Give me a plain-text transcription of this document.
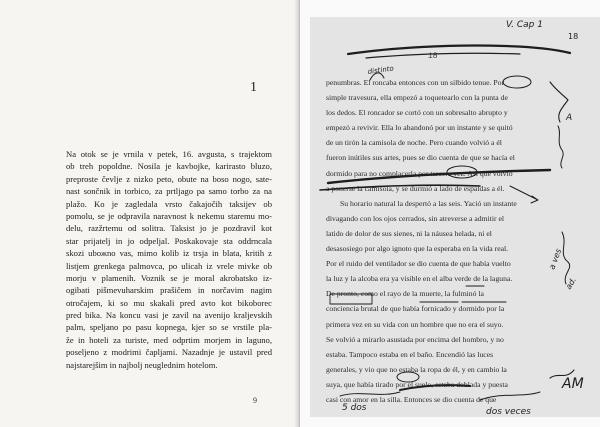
1
Na otok se je vrnila v petek, 16. avgusta, s trajektom
ob treh popoldne. Nosila je kavbojke, karirasto bluzo,
preproste čevlje z nizko peto, obute na boso nogo, sate-
nast sončnik in torbico, za prtljago pa samo torbo za na
plažo. Ko je zagledala vrsto čakajočih taksijev ob
pomolu, se je odpravila naravnost k nekemu staremu mo-
delu, razžrtemu od solitra. Taksist jo je pozdravil kot
star prijatelj in jo odpeljal. Poskakovaje sta oddrncala
skozi uboжno vas, mimo kolib iz trsja in blata, kritih z
listjem grenkega palmovca, po ulicah iz vrele mivke ob
morju v plamenih. Voznik se je moral akrobatsko iz-
ogibati pišmevuharskim prašičem in norčavim nagim
otročajem, ki so mu skakali pred avto kot bikoborec
pred bika. Na koncu vasi je zavil na avenijo kraljevskih
palm, speljano po pasu kopnega, kjer so se vrstile pla-
že in hoteli za turiste, med odprtim morjem in laguno,
poseljeno z modrimi čapljami. Nazadnje je ustavil pred
najstarejšim in najbolj neuglednim hotelom.
9
V. Cap 1
18
18
penumbras. El roncaba entonces con un silbido tenue. Por
simple travesura, ella empezó a toquetearlo con la punta de
los dedos. El roncador se cortó con un sobresalto abrupto y
empezó a revivir. Ella lo abandonó por un instante y se quitó
de un tirón la camisola de noche. Pero cuando volvió a él
fueron inútiles sus artes, pues se dio cuenta de que se hacía el
dormido para no complacerla por tercera vez. Así que volvió
a ponerse la camisola, y se durmió a lado de espaldas a él.
Su horario natural la despertó a las seis. Yació un instante
divagando con los ojos cerrados, sin atreverse a admitir el
latido de dolor de sus sienes, ni la náusea helada, ni el
desasosiego por algo ignoto que la esperaba en la vida real.
Por el ruido del ventilador se dio cuenta de que había vuelto
la luz y la alcoba era ya visible en el alba verde de la laguna.
De pronto, como el rayo de la muerte, la fulminó la
conciencia brutal de que había fornicado y dormido por la
primera vez en su vida con un hombre que no era el suyo.
Se volvió a mirarlo asustada por encima del hombro, y no
estaba. Tampoco estaba en el baño. Encendió las luces
generales, y vio que no estaba la ropa de él, y en cambio la
suya, que había tirado por el suelo, estaba doblada y puesta
casi con amor en la silla. Entonces se dio cuenta de que
distinto
A
a ves
ad.
5 dos
AM
dos veces
